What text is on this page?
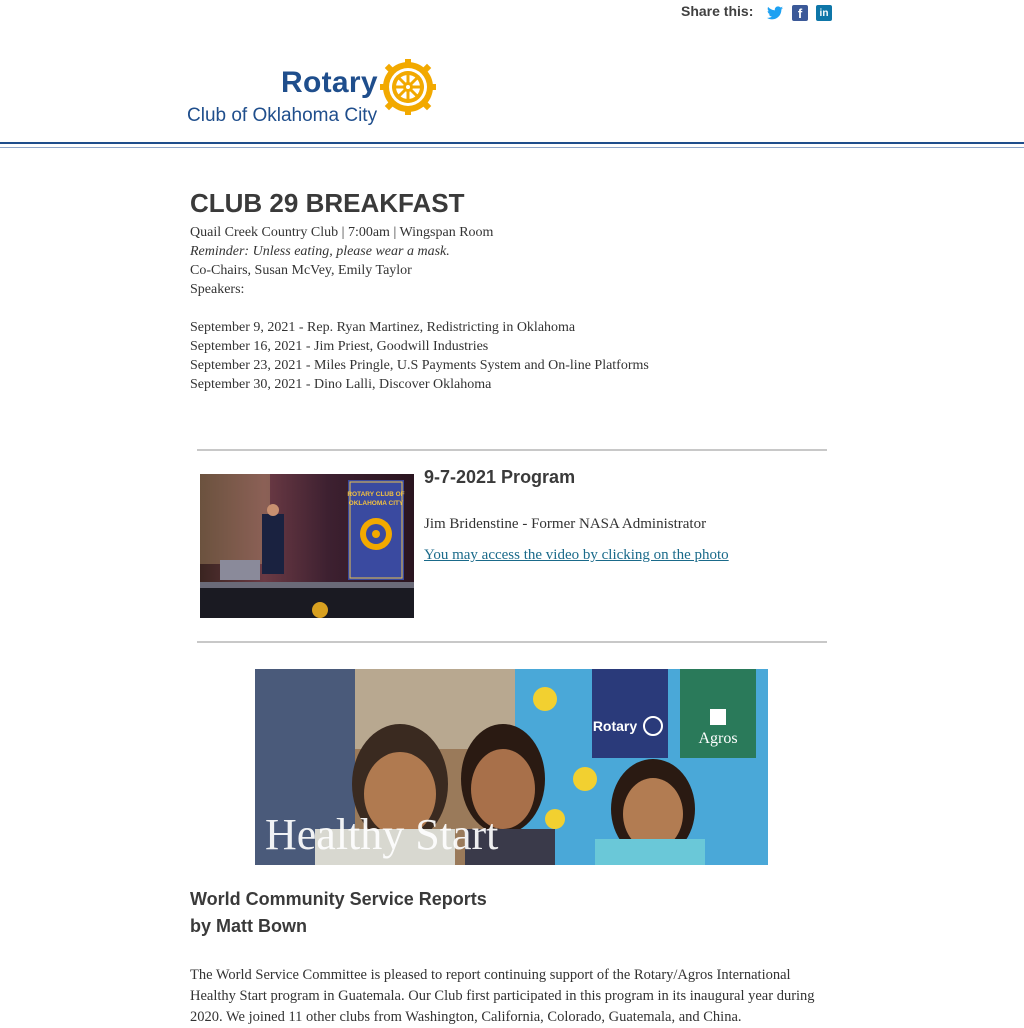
Share this:	f	in
Rotary
Club of Oklahoma City
CLUB 29 BREAKFAST
Quail Creek Country Club | 7:00am | Wingspan Room
Reminder: Unless eating, please wear a mask.
Co-Chairs, Susan McVey, Emily Taylor
Speakers:
September 9, 2021 - Rep. Ryan Martinez, Redistricting in Oklahoma
September 16, 2021 - Jim Priest, Goodwill Industries
September 23, 2021 - Miles Pringle, U.S Payments System and On-line Platforms
September 30, 2021 - Dino Lalli, Discover Oklahoma
ROTARY CLUB OF
OKLAHOMA CITY
9-7-2021 Program
Jim Bridenstine - Former NASA Administrator
You may access the video by clicking on the photo
Rotary
Agros
Healthy Start
World Community Service Reports
by Matt Bown
The World Service Committee is pleased to report continuing support of the Rotary/Agros International Healthy Start program in Guatemala. Our Club first participated in this program in its inaugural year during 2020. We joined 11 other clubs from Washington, California, Colorado, Guatemala, and China.
